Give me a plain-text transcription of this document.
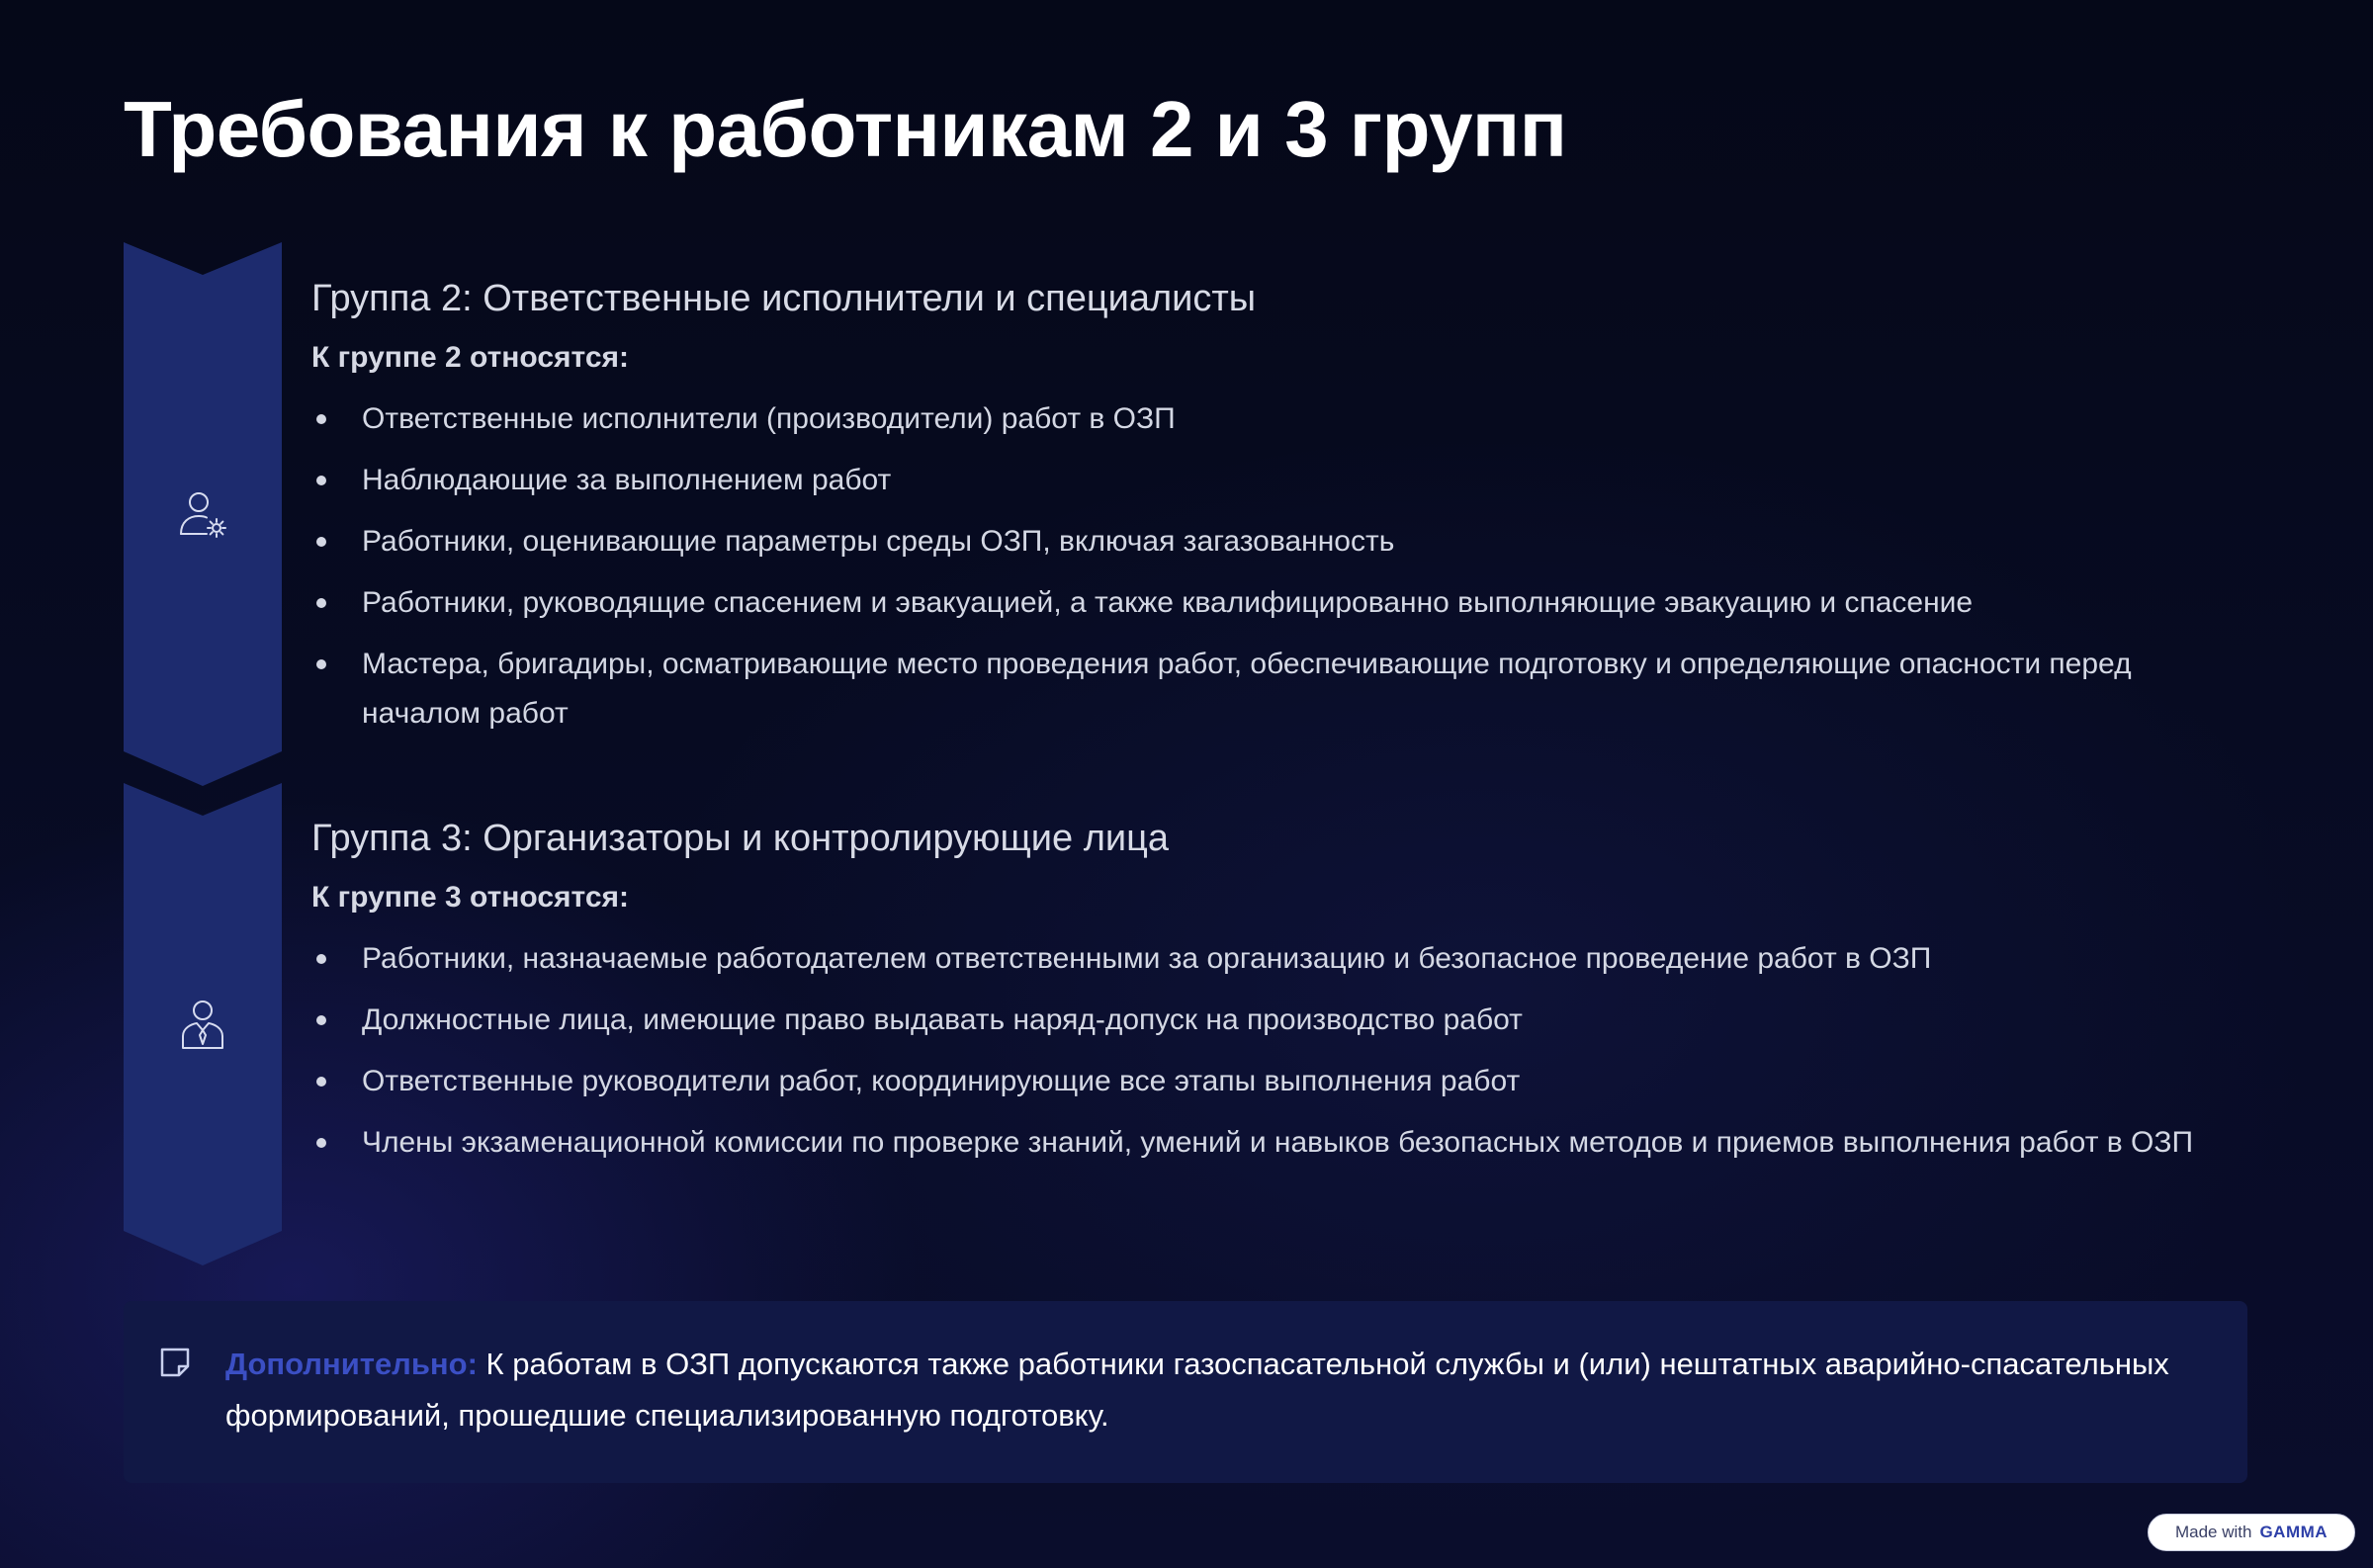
Требования к работникам 2 и 3 групп
Группа 2: Ответственные исполнители и специалисты

К группе 2 относятся:

Ответственные исполнители (производители) работ в ОЗП
Наблюдающие за выполнением работ
Работники, оценивающие параметры среды ОЗП, включая загазованность
Работники, руководящие спасением и эвакуацией, а также квалифицированно выполняющие эвакуацию и спасение
Мастера, бригадиры, осматривающие место проведения работ, обеспечивающие подготовку и определяющие опасности перед началом работ
Группа 3: Организаторы и контролирующие лица

К группе 3 относятся:

Работники, назначаемые работодателем ответственными за организацию и безопасное проведение работ в ОЗП
Должностные лица, имеющие право выдавать наряд-допуск на производство работ
Ответственные руководители работ, координирующие все этапы выполнения работ
Члены экзаменационной комиссии по проверке знаний, умений и навыков безопасных методов и приемов выполнения работ в ОЗП
Дополнительно: К работам в ОЗП допускаются также работники газоспасательной службы и (или) нештатных аварийно-спасательных формирований, прошедшие специализированную подготовку.
Made with GAMMA
